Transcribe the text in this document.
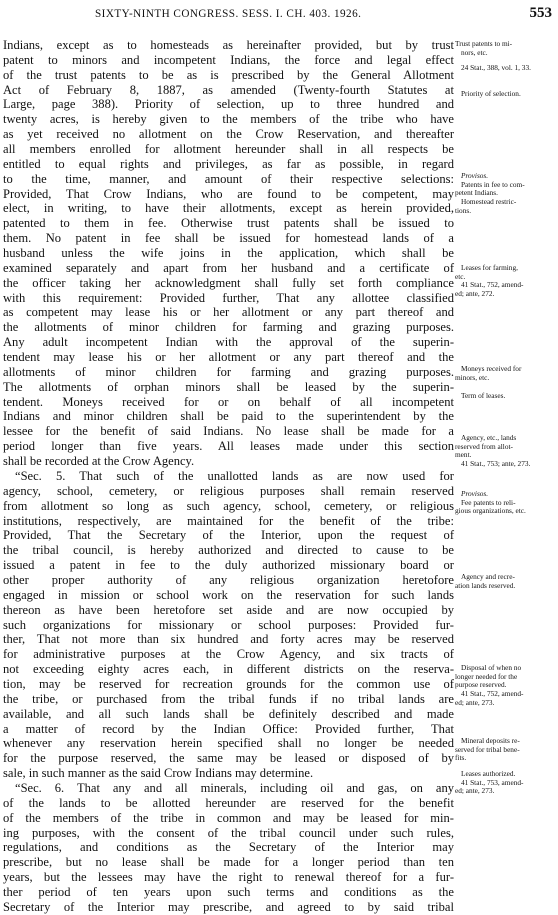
SIXTY-NINTH CONGRESS. SESS. I. CH. 403. 1926.	553
Indians, except as to homesteads as hereinafter provided, but by trust
patent to minors and incompetent Indians, the force and legal effect
of the trust patents to be as is prescribed by the General Allotment
Act of February 8, 1887, as amended (Twenty-fourth Statutes at
Large, page 388). Priority of selection, up to three hundred and
twenty acres, is hereby given to the members of the tribe who have
as yet received no allotment on the Crow Reservation, and thereafter
all members enrolled for allotment hereunder shall in all respects be
entitled to equal rights and privileges, as far as possible, in regard
to the time, manner, and amount of their respective selections:
Provided, That Crow Indians, who are found to be competent, may
elect, in writing, to have their allotments, except as herein provided,
patented to them in fee. Otherwise trust patents shall be issued to
them. No patent in fee shall be issued for homestead lands of a
husband unless the wife joins in the application, which shall be
examined separately and apart from her husband and a certificate of
the officer taking her acknowledgment shall fully set forth compliance
with this requirement: Provided further, That any allottee classified
as competent may lease his or her allotment or any part thereof and
the allotments of minor children for farming and grazing purposes.
Any adult incompetent Indian with the approval of the superin-
tendent may lease his or her allotment or any part thereof and the
allotments of minor children for farming and grazing purposes.
The allotments of orphan minors shall be leased by the superin-
tendent. Moneys received for or on behalf of all incompetent
Indians and minor children shall be paid to the superintendent by the
lessee for the benefit of said Indians. No lease shall be made for a
period longer than five years. All leases made under this section
shall be recorded at the Crow Agency.
“Sec. 5. That such of the unallotted lands as are now used for
agency, school, cemetery, or religious purposes shall remain reserved
from allotment so long as such agency, school, cemetery, or religious
institutions, respectively, are maintained for the benefit of the tribe:
Provided, That the Secretary of the Interior, upon the request of
the tribal council, is hereby authorized and directed to cause to be
issued a patent in fee to the duly authorized missionary board or
other proper authority of any religious organization heretofore
engaged in mission or school work on the reservation for such lands
thereon as have been heretofore set aside and are now occupied by
such organizations for missionary or school purposes: Provided fur-
ther, That not more than six hundred and forty acres may be reserved
for administrative purposes at the Crow Agency, and six tracts of
not exceeding eighty acres each, in different districts on the reserva-
tion, may be reserved for recreation grounds for the common use of
the tribe, or purchased from the tribal funds if no tribal lands are
available, and all such lands shall be definitely described and made
a matter of record by the Indian Office: Provided further, That
whenever any reservation herein specified shall no longer be needed
for the purpose reserved, the same may be leased or disposed of by
sale, in such manner as the said Crow Indians may determine.
“Sec. 6. That any and all minerals, including oil and gas, on any
of the lands to be allotted hereunder are reserved for the benefit
of the members of the tribe in common and may be leased for min-
ing purposes, with the consent of the tribal council under such rules,
regulations, and conditions as the Secretary of the Interior may
prescribe, but no lease shall be made for a longer period than ten
years, but the lessees may have the right to renewal thereof for a fur-
ther period of ten years upon such terms and conditions as the
Secretary of the Interior may prescribe, and agreed to by said tribal
Trust patents to mi-
nors, etc.
24 Stat., 388, vol. 1, 33.
Priority of selection.
Provisos.
Patents in fee to com-
petent Indians.
Homestead restric-
tions.
Leases for farming,
etc.
41 Stat., 752, amend-
ed; ante, 272.
Moneys received for
minors, etc.
Term of leases.
Agency, etc., lands
reserved from allot-
ment.
41 Stat., 753; ante, 273.
Provisos.
Fee patents to reli-
gious organizations, etc.
Agency and recre-
ation lands reserved.
Disposal of when no
longer needed for the
purpose reserved.
41 Stat., 752, amend-
ed; ante, 273.
Mineral deposits re-
served for tribal bene-
fits.
Leases authorized.
41 Stat., 753, amend-
ed; ante, 273.
